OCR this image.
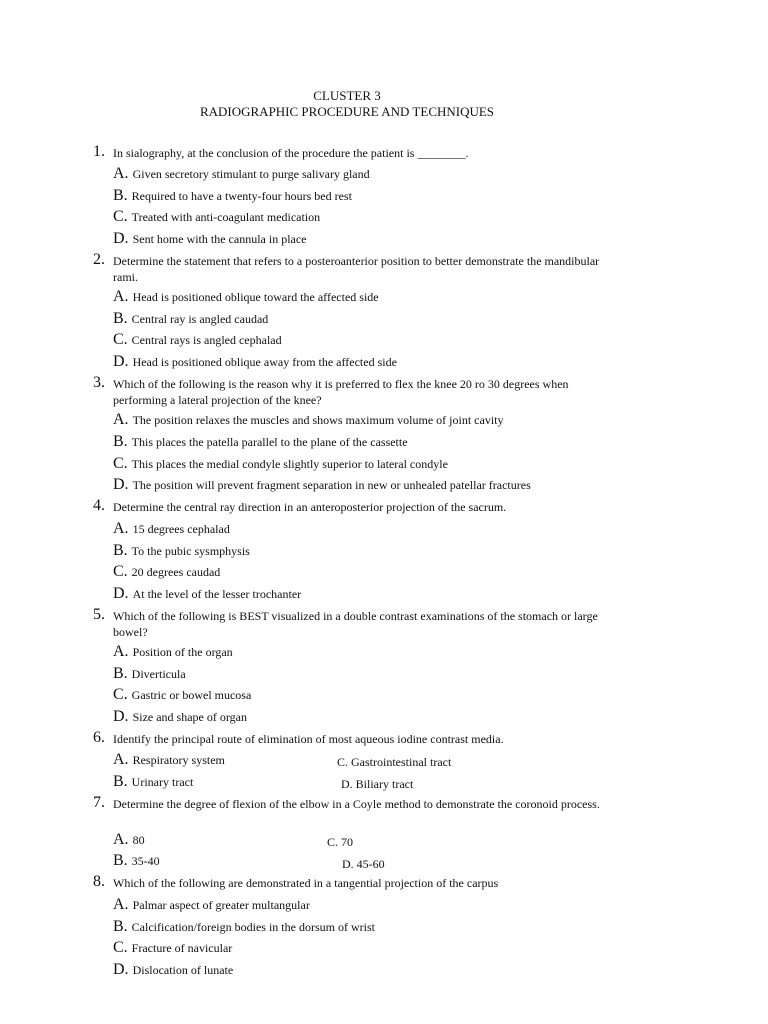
CLUSTER 3
RADIOGRAPHIC PROCEDURE AND TECHNIQUES
1. In sialography, at the conclusion of the procedure the patient is ________.
A. Given secretory stimulant to purge salivary gland
B. Required to have a twenty-four hours bed rest
C. Treated with anti-coagulant medication
D. Sent home with the cannula in place
2. Determine the statement that refers to a posteroanterior position to better demonstrate the mandibular rami.
A. Head is positioned oblique toward the affected side
B. Central ray is angled caudad
C. Central rays is angled cephalad
D. Head is positioned oblique away from the affected side
3. Which of the following is the reason why it is preferred to flex the knee 20 ro 30 degrees when performing a lateral projection of the knee?
A. The position relaxes the muscles and shows maximum volume of joint cavity
B. This places the patella parallel to the plane of the cassette
C. This places the medial condyle slightly superior to lateral condyle
D. The position will prevent fragment separation in new or unhealed patellar fractures
4. Determine the central ray direction in an anteroposterior projection of the sacrum.
A. 15 degrees cephalad
B. To the pubic sysmphysis
C. 20 degrees caudad
D. At the level of the lesser trochanter
5. Which of the following is BEST visualized in a double contrast examinations of the stomach or large bowel?
A. Position of the organ
B. Diverticula
C. Gastric or bowel mucosa
D. Size and shape of organ
6. Identify the principal route of elimination of most aqueous iodine contrast media.
A. Respiratory system
B. Urinary tract
C. Gastrointestinal tract
D. Biliary tract
7. Determine the degree of flexion of the elbow in a Coyle method to demonstrate the coronoid process.
A. 80
B. 35-40
C. 70
D. 45-60
8. Which of the following are demonstrated in a tangential projection of the carpus
A. Palmar aspect of greater multangular
B. Calcification/foreign bodies in the dorsum of wrist
C. Fracture of navicular
D. Dislocation of lunate
